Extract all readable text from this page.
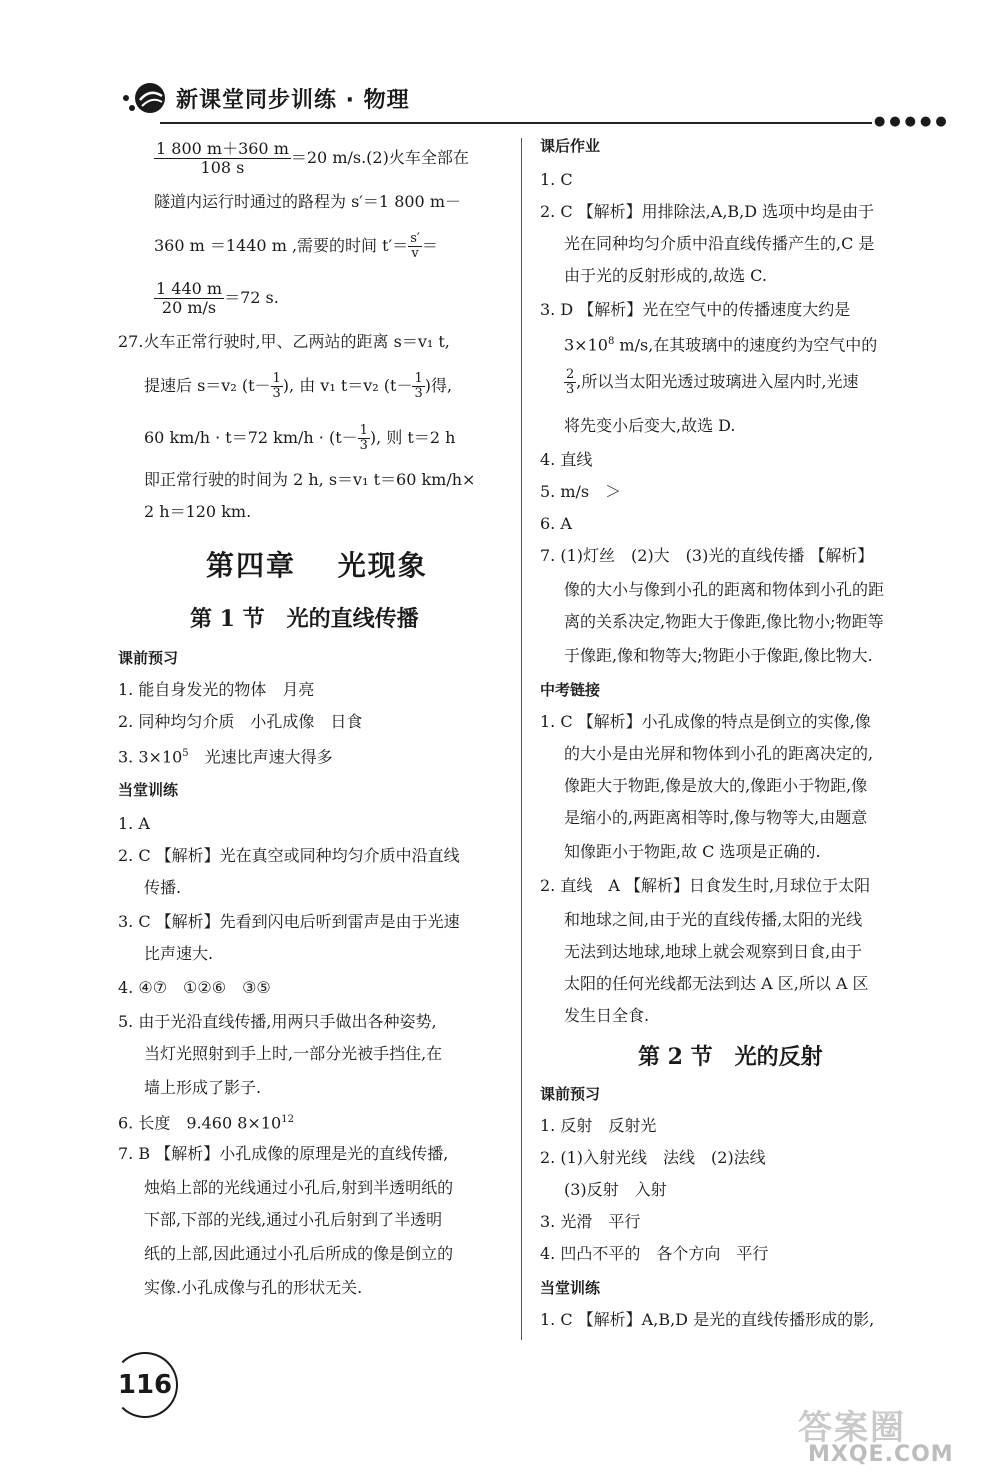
新课堂同步训练 · 物理
●●●●●
$\frac{1 800 m+360 m}{108 s} =20$ m/s.(2)火车全部在
隧道内运行时通过的路程为 s′＝1 800 m－
360 m ＝1440 m ,需要的时间 $t'= \frac{s'}{v}$ ＝
$\frac{1 440 m}{20 m/s} =72$ s.
27.火车正常行驶时,甲、乙两站的距离 s＝v₁ t,
提速后 s＝v₂ ($t- \frac{1}{3}$ ), 由 v₁ t＝v₂ ($t- \frac{1}{3}$ )得,
60 km/h · t＝72 $km/h \cdot (t- \frac{1}{3}$ ), 则 t＝2 h
即正常行驶的时间为 2 h, s＝v₁ t＝60 km/h×
2 h＝120 km.
第四章　 光现象
第 1 节　光的直线传播
课前预习
1. 能自身发光的物体　月亮
2. 同种均匀介质　小孔成像　日食
3. $3\times 10^5$　光速比声速大得多
当堂训练
1. A
2. C 【解析】光在真空或同种均匀介质中沿直线
传播.
3. C 【解析】先看到闪电后听到雷声是由于光速
比声速大.
4. ④⑦　①②⑥　③⑤
5. 由于光沿直线传播,用两只手做出各种姿势,
当灯光照射到手上时,一部分光被手挡住,在
墙上形成了影子.
6. 长度　9.460 $8\times 10^{12}$
7. B 【解析】小孔成像的原理是光的直线传播,
烛焰上部的光线通过小孔后,射到半透明纸的
下部,下部的光线,通过小孔后射到了半透明
纸的上部,因此通过小孔后所成的像是倒立的
实像.小孔成像与孔的形状无关.
课后作业
1. C
2. C 【解析】用排除法,A,B,D 选项中均是由于
光在同种均匀介质中沿直线传播产生的,C 是
由于光的反射形成的,故选 C.
3. D 【解析】光在空气中的传播速度大约是
$3\times 10^8$ m/s,在其玻璃中的速度约为空气中的
$\frac{2}{3}$ ,所以当太阳光透过玻璃进入屋内时,光速
将先变小后变大,故选 D.
4. 直线
5. m/s　＞
6. A
7. (1)灯丝　(2)大　(3)光的直线传播 【解析】
像的大小与像到小孔的距离和物体到小孔的距
离的关系决定,物距大于像距,像比物小;物距等
于像距,像和物等大;物距小于像距,像比物大.
中考链接
1. C 【解析】小孔成像的特点是倒立的实像,像
的大小是由光屏和物体到小孔的距离决定的,
像距大于物距,像是放大的,像距小于物距,像
是缩小的,两距离相等时,像与物等大,由题意
知像距小于物距,故 C 选项是正确的.
2. 直线　A 【解析】日食发生时,月球位于太阳
和地球之间,由于光的直线传播,太阳的光线
无法到达地球,地球上就会观察到日食,由于
太阳的任何光线都无法到达 A 区,所以 A 区
发生日全食.
第 2 节　光的反射
课前预习
1. 反射　反射光
2. (1)入射光线　法线　(2)法线
(3)反射　入射
3. 光滑　平行
4. 凹凸不平的　各个方向　平行
当堂训练
1. C 【解析】A,B,D 是光的直线传播形成的影,
116
答案圈
MXQE.COM
